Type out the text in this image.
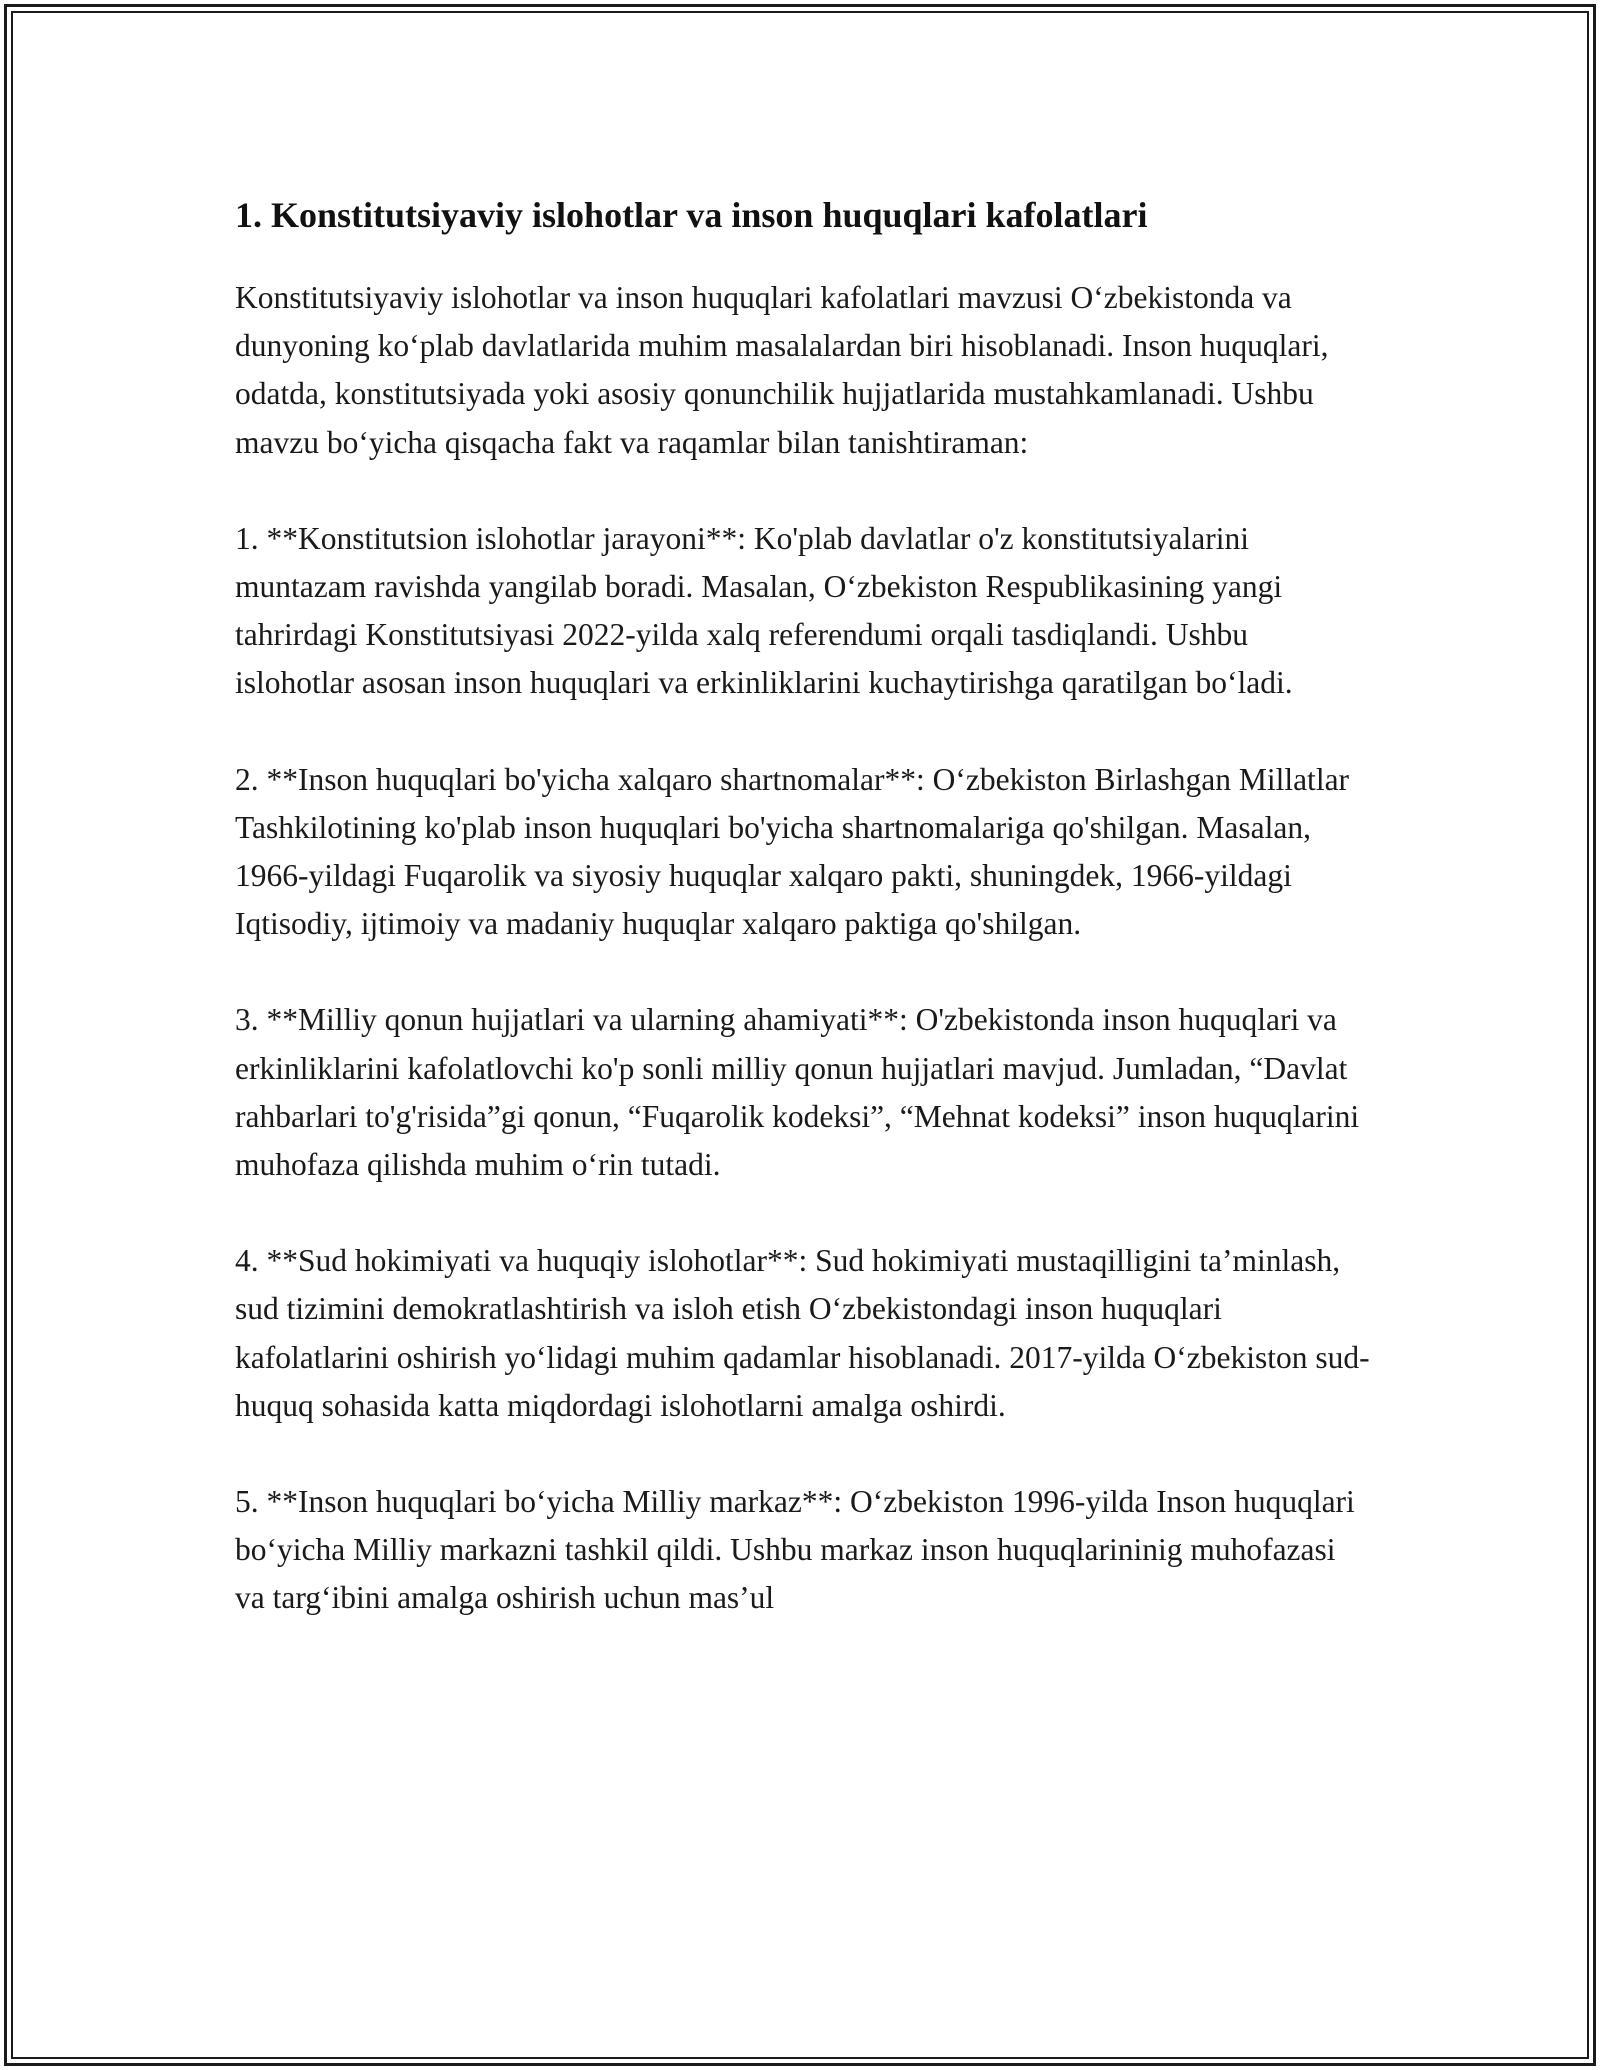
1. Konstitutsiyaviy islohotlar va inson huquqlari kafolatlari

Konstitutsiyaviy islohotlar va inson huquqlari kafolatlari mavzusi Oʻzbekistonda va dunyoning koʻplab davlatlarida muhim masalalardan biri hisoblanadi. Inson huquqlari, odatda, konstitutsiyada yoki asosiy qonunchilik hujjatlarida mustahkamlanadi. Ushbu mavzu boʻyicha qisqacha fakt va raqamlar bilan tanishtiraman:

1. **Konstitutsion islohotlar jarayoni**: Ko'plab davlatlar o'z konstitutsiyalarini muntazam ravishda yangilab boradi. Masalan, Oʻzbekiston Respublikasining yangi tahrirdagi Konstitutsiyasi 2022-yilda xalq referendumi orqali tasdiqlandi. Ushbu islohotlar asosan inson huquqlari va erkinliklarini kuchaytirishga qaratilgan boʻladi.

2. **Inson huquqlari bo'yicha xalqaro shartnomalar**: Oʻzbekiston Birlashgan Millatlar Tashkilotining ko'plab inson huquqlari bo'yicha shartnomalariga qo'shilgan. Masalan, 1966-yildagi Fuqarolik va siyosiy huquqlar xalqaro pakti, shuningdek, 1966-yildagi Iqtisodiy, ijtimoiy va madaniy huquqlar xalqaro paktiga qo'shilgan.

3. **Milliy qonun hujjatlari va ularning ahamiyati**: O'zbekistonda inson huquqlari va erkinliklarini kafolatlovchi ko'p sonli milliy qonun hujjatlari mavjud. Jumladan, “Davlat rahbarlari to'g'risida”gi qonun, “Fuqarolik kodeksi”, “Mehnat kodeksi” inson huquqlarini muhofaza qilishda muhim oʻrin tutadi.

4. **Sud hokimiyati va huquqiy islohotlar**: Sud hokimiyati mustaqilligini taʼminlash, sud tizimini demokratlashtirish va isloh etish Oʻzbekistondagi inson huquqlari kafolatlarini oshirish yoʻlidagi muhim qadamlar hisoblanadi. 2017-yilda Oʻzbekiston sud-huquq sohasida katta miqdordagi islohotlarni amalga oshirdi.

5. **Inson huquqlari boʻyicha Milliy markaz**: Oʻzbekiston 1996-yilda Inson huquqlari boʻyicha Milliy markazni tashkil qildi. Ushbu markaz inson huquqlarininig muhofazasi va targʻibini amalga oshirish uchun masʼul
